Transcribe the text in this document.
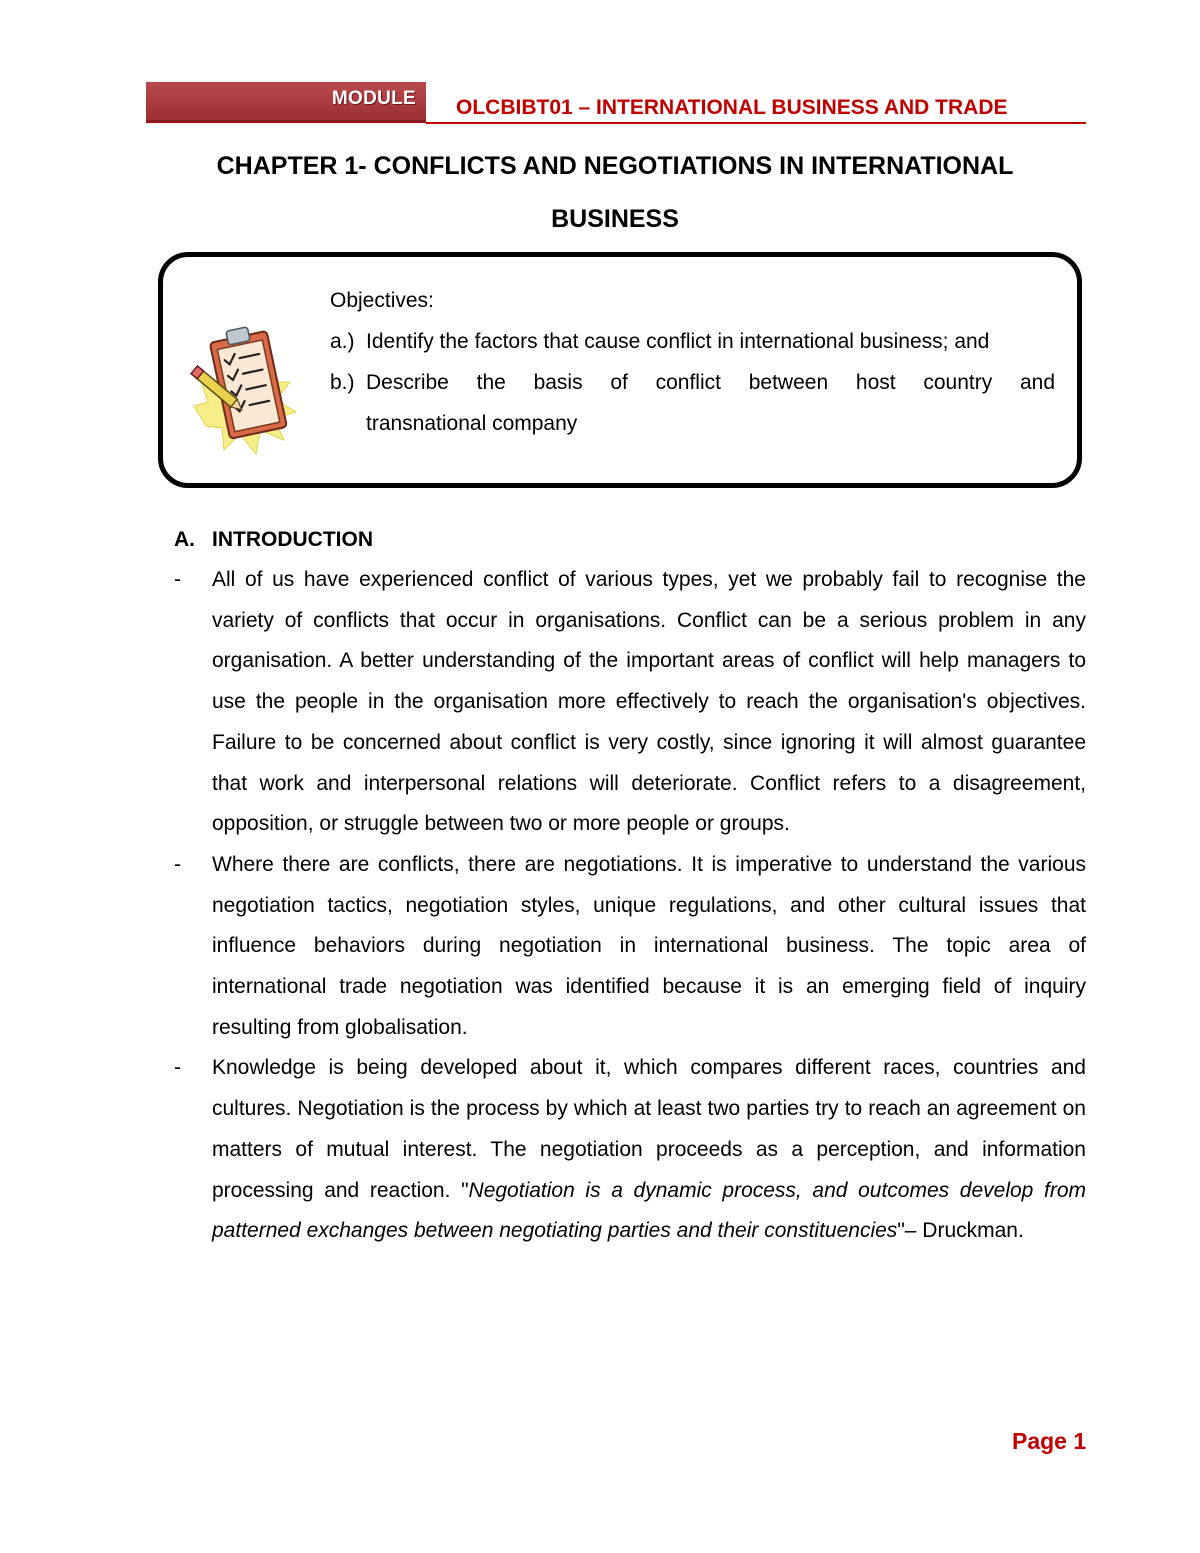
MODULE OLCBIBT01 – INTERNATIONAL BUSINESS AND TRADE
CHAPTER 1- CONFLICTS AND NEGOTIATIONS IN INTERNATIONAL
BUSINESS
Objectives:
a.) Identify the factors that cause conflict in international business; and
b.) Describe the basis of conflict between host country and
transnational company
A. INTRODUCTION
-	All of us have experienced conflict of various types, yet we probably fail to recognise the variety of conflicts that occur in organisations. Conflict can be a serious problem in any organisation. A better understanding of the important areas of conflict will help managers to use the people in the organisation more effectively to reach the organisation's objectives. Failure to be concerned about conflict is very costly, since ignoring it will almost guarantee that work and interpersonal relations will deteriorate. Conflict refers to a disagreement, opposition, or struggle between two or more people or groups.
-	Where there are conflicts, there are negotiations. It is imperative to understand the various negotiation tactics, negotiation styles, unique regulations, and other cultural issues that influence behaviors during negotiation in international business. The topic area of international trade negotiation was identified because it is an emerging field of inquiry resulting from globalisation.
-	Knowledge is being developed about it, which compares different races, countries and cultures. Negotiation is the process by which at least two parties try to reach an agreement on matters of mutual interest. The negotiation proceeds as a perception, and information processing and reaction. "Negotiation is a dynamic process, and outcomes develop from patterned exchanges between negotiating parties and their constituencies"– Druckman.
Page 1
